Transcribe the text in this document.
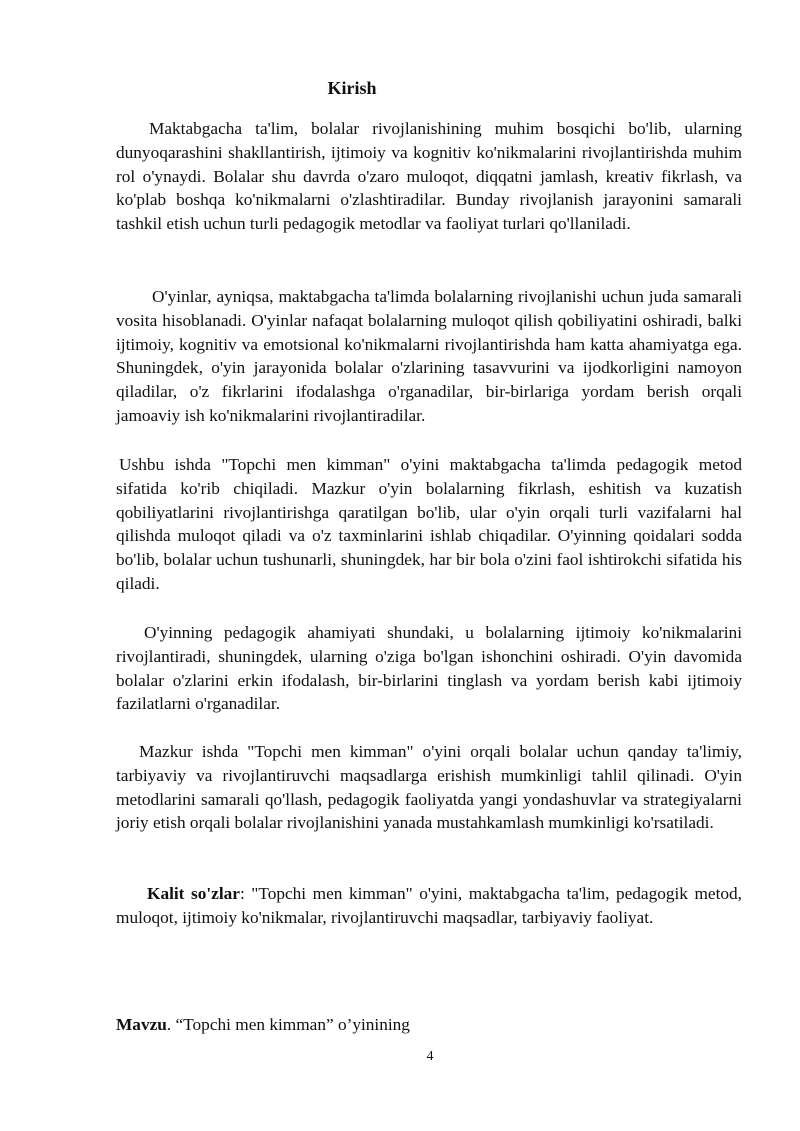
Kirish

Maktabgacha ta'lim, bolalar rivojlanishining muhim bosqichi bo'lib, ularning dunyoqarashini shakllantirish, ijtimoiy va kognitiv ko'nikmalarini rivojlantirishda muhim rol o'ynaydi. Bolalar shu davrda o'zaro muloqot, diqqatni jamlash, kreativ fikrlash, va ko'plab boshqa ko'nikmalarni o'zlashtiradilar. Bunday rivojlanish jarayonini samarali tashkil etish uchun turli pedagogik metodlar va faoliyat turlari qo'llaniladi.

O'yinlar, ayniqsa, maktabgacha ta'limda bolalarning rivojlanishi uchun juda samarali vosita hisoblanadi. O'yinlar nafaqat bolalarning muloqot qilish qobiliyatini oshiradi, balki ijtimoiy, kognitiv va emotsional ko'nikmalarni rivojlantirishda ham katta ahamiyatga ega. Shuningdek, o'yin jarayonida bolalar o'zlarining tasavvurini va ijodkorligini namoyon qiladilar, o'z fikrlarini ifodalashga o'rganadilar, bir-birlariga yordam berish orqali jamoaviy ish ko'nikmalarini rivojlantiradilar.

Ushbu ishda "Topchi men kimman" o'yini maktabgacha ta'limda pedagogik metod sifatida ko'rib chiqiladi. Mazkur o'yin bolalarning fikrlash, eshitish va kuzatish qobiliyatlarini rivojlantirishga qaratilgan bo'lib, ular o'yin orqali turli vazifalarni hal qilishda muloqot qiladi va o'z taxminlarini ishlab chiqadilar. O'yinning qoidalari sodda bo'lib, bolalar uchun tushunarli, shuningdek, har bir bola o'zini faol ishtirokchi sifatida his qiladi.

O'yinning pedagogik ahamiyati shundaki, u bolalarning ijtimoiy ko'nikmalarini rivojlantiradi, shuningdek, ularning o'ziga bo'lgan ishonchini oshiradi. O'yin davomida bolalar o'zlarini erkin ifodalash, bir-birlarini tinglash va yordam berish kabi ijtimoiy fazilatlarni o'rganadilar.

Mazkur ishda "Topchi men kimman" o'yini orqali bolalar uchun qanday ta'limiy, tarbiyaviy va rivojlantiruvchi maqsadlarga erishish mumkinligi tahlil qilinadi. O'yin metodlarini samarali qo'llash, pedagogik faoliyatda yangi yondashuvlar va strategiyalarni joriy etish orqali bolalar rivojlanishini yanada mustahkamlash mumkinligi ko'rsatiladi.

Kalit so'zlar: "Topchi men kimman" o'yini, maktabgacha ta'lim, pedagogik metod, muloqot, ijtimoiy ko'nikmalar, rivojlantiruvchi maqsadlar, tarbiyaviy faoliyat.

Mavzu. “Topchi men kimman” o’yinining
4
